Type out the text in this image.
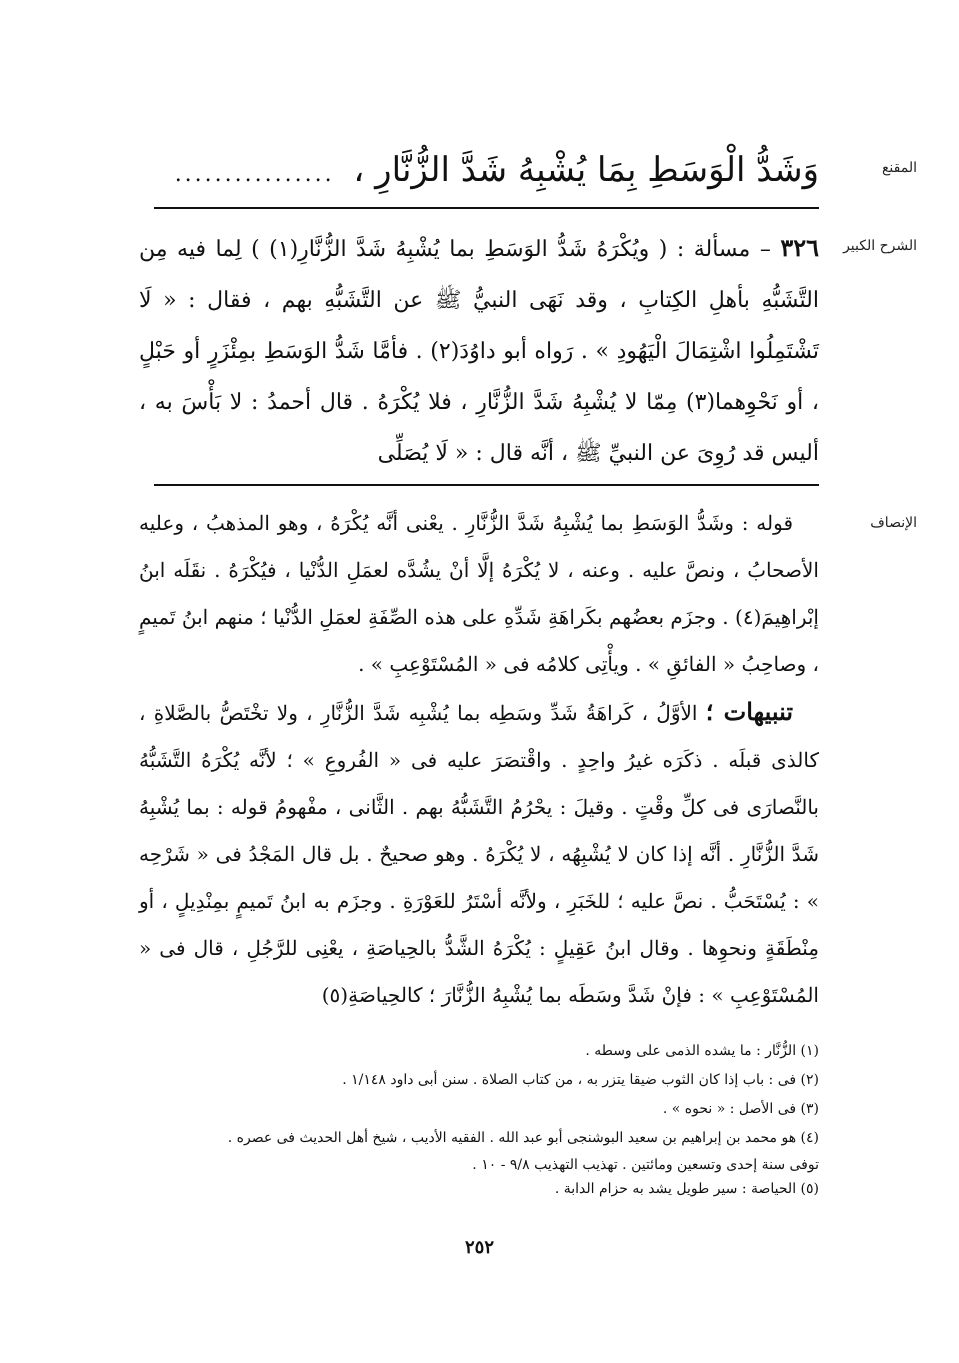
المقنع
وَشَدُّ الْوَسَطِ بِمَا يُشْبِهُ شَدَّ الزُّنَّارِ ، ................
الشرح الكبير

٣٢٦ – مسألة : ( ويُكْرَهُ شَدُّ الوَسَطِ بما يُشْبِهُ شَدَّ الزُّنَّارِ(١) ) لِما فيه مِن التَّشَبُّهِ بأهلِ الكِتابِ ، وقد نَهَى النبيُّ ﷺ عن التَّشَبُّهِ بهم ، فقال : « لَا تَشْتَمِلُوا اشْتِمَالَ الْيَهُودِ » . رَواه أبو داوُدَ(٢) . فأمَّا شَدُّ الوَسَطِ بمِئْزَرٍ أو حَبْلٍ ، أو نَحْوِهما(٣) مِمّا لا يُشْبِهُ شَدَّ الزُّنَّارِ ، فلا يُكْرَهُ . قال أحمدُ : لا بَأْسَ به ، أليس قد رُوِىَ عن النبيِّ ﷺ ، أنَّه قال : « لَا يُصَلِّى

الإنصاف

قوله : وشَدُّ الوَسَطِ بما يُشْبِهُ شَدَّ الزُّنَّارِ . يعْنى أنَّه يُكْرَهُ ، وهو المذهبُ ، وعليه الأصحابُ ، ونصَّ عليه . وعنه ، لا يُكْرَهُ إلَّا أنْ يشُدَّه لعمَلِ الدُّنْيا ، فيُكْرَهُ . نقَلَه ابنُ إبْراهِيمَ(٤) . وجزَم بعضُهم بكَراهَةِ شَدِّهِ على هذه الصِّفَةِ لعمَلِ الدُّنْيا ؛ منهم ابنُ تَميمٍ ، وصاحِبُ « الفائقِ » . ويأْتِى كلامُه فى « المُسْتَوْعِبِ » .

تنبيهات ؛ الأوَّلُ ، كَراهَةُ شَدِّ وسَطِه بما يُشْبِه شَدَّ الزُّنَّارِ ، ولا تخْتَصُّ بالصَّلاةِ ، كالذى قبلَه . ذكَرَه غيرُ واحِدٍ . واقْتصَرَ عليه فى « الفُروعِ » ؛ لأنَّه يُكْرَهُ التَّشَبُّهُ بالنَّصارَى فى كلِّ وقْتٍ . وقيلَ : يحْرُمُ التَّشَبُّهُ بهم . الثَّانى ، مفْهومُ قوله : بما يُشْبِهُ شَدَّ الزُّنَّارِ . أنَّه إذا كان لا يُشْبِهُه ، لا يُكْرَهُ . وهو صحيحٌ . بل قال المَجْدُ فى « شَرْحِه » : يُسْتَحَبُّ . نصَّ عليه ؛ للخَبَرِ ، ولأنَّه أسْتَرُ للعَوْرَةِ . وجزَم به ابنُ تَميمٍ بمِنْدِيلٍ ، أو مِنْطَقَةٍ ونحوِها . وقال ابنُ عَقِيلٍ : يُكْرَهُ الشَّدُّ بالحِياصَةِ ، يعْنِى للرَّجُلِ ، قال فى « المُسْتَوْعِبِ » : فإنْ شَدَّ وسَطَه بما يُشْبِهُ الزُّنَّارَ ؛ كالحِياصَةِ(٥)

(١) الزُّنَّار : ما يشده الذمى على وسطه .
(٢) فى : باب إذا كان الثوب ضيقا يتزر به ، من كتاب الصلاة . سنن أبى داود ١/١٤٨ .
(٣) فى الأصل : « نحوه » .
(٤) هو محمد بن إبراهيم بن سعيد البوشنجى أبو عبد الله . الفقيه الأديب ، شيخ أهل الحديث فى عصره .
توفى سنة إحدى وتسعين ومائتين . تهذيب التهذيب ٩/٨ - ١٠ .
(٥) الحياصة : سير طويل يشد به حزام الدابة .
٢٥٢
